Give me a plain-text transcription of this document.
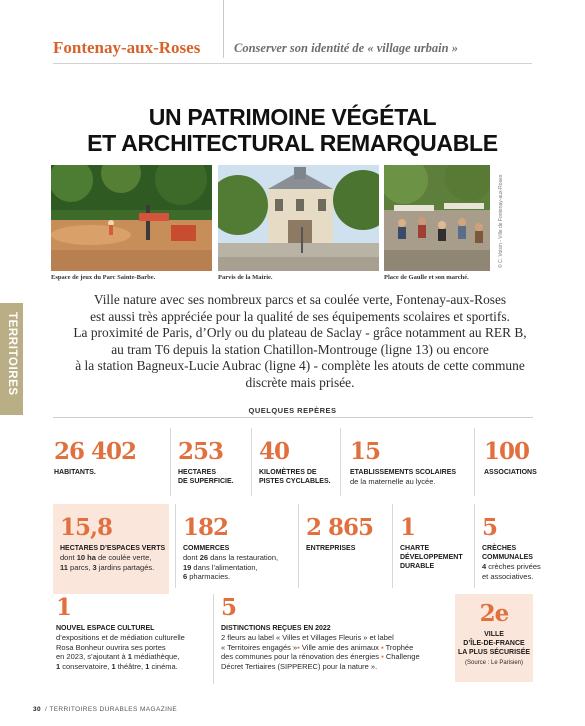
Fontenay-aux-Roses	Conserver son identité de « village urbain »
UN PATRIMOINE VÉGÉTAL
ET ARCHITECTURAL REMARQUABLE
Espace de jeux du Parc Sainte-Barbe.	Parvis de la Mairie.	Place de Gaulle et son marché.
© C. Voisin - Ville de Fontenay-aux-Roses
TERRITOIRES
Ville nature avec ses nombreux parcs et sa coulée verte, Fontenay-aux-Roses
est aussi très appréciée pour la qualité de ses équipements scolaires et sportifs.
La proximité de Paris, d’Orly ou du plateau de Saclay - grâce notamment au RER B,
au tram T6 depuis la station Chatillon-Montrouge (ligne 13) ou encore
à la station Bagneux-Lucie Aubrac (ligne 4) - complète les atouts de cette commune
discrète mais prisée.
QUELQUES REPÈRES
26 402
HABITANTS.
253
HECTARES
DE SUPERFICIE.
40
KILOMÈTRES DE
PISTES CYCLABLES.
15
ETABLISSEMENTS SCOLAIRES
de la maternelle au lycée.
100
ASSOCIATIONS
15,8
HECTARES D’ESPACES VERTS
dont 10 ha de coulée verte,
11 parcs, 3 jardins partagés.
182
COMMERCES
dont 26 dans la restauration,
19 dans l’alimentation,
6 pharmacies.
2 865
ENTREPRISES
1
CHARTE
DÉVELOPPEMENT
DURABLE
5
CRÈCHES
COMMUNALES
4 crèches privées
et associatives.
1
NOUVEL ESPACE CULTUREL
d’expositions et de médiation culturelle
Rosa Bonheur ouvrira ses portes
en 2023, s’ajoutant à 1 médiathèque,
1 conservatoire, 1 théâtre, 1 cinéma.
5
DISTINCTIONS REÇUES EN 2022
2 fleurs au label « Villes et Villages Fleuris » et label
« Territoires engagés »▪ Ville amie des animaux ▪ Trophée
des communes pour la rénovation des énergies ▪ Challenge
Décret Tertiaires (SIPPEREC) pour la nature ».
2e
VILLE
D’ÎLE-DE-FRANCE
LA PLUS SÉCURISÉE
(Source : Le Parisien)
30 / TERRITOIRES DURABLES MAGAZINE
